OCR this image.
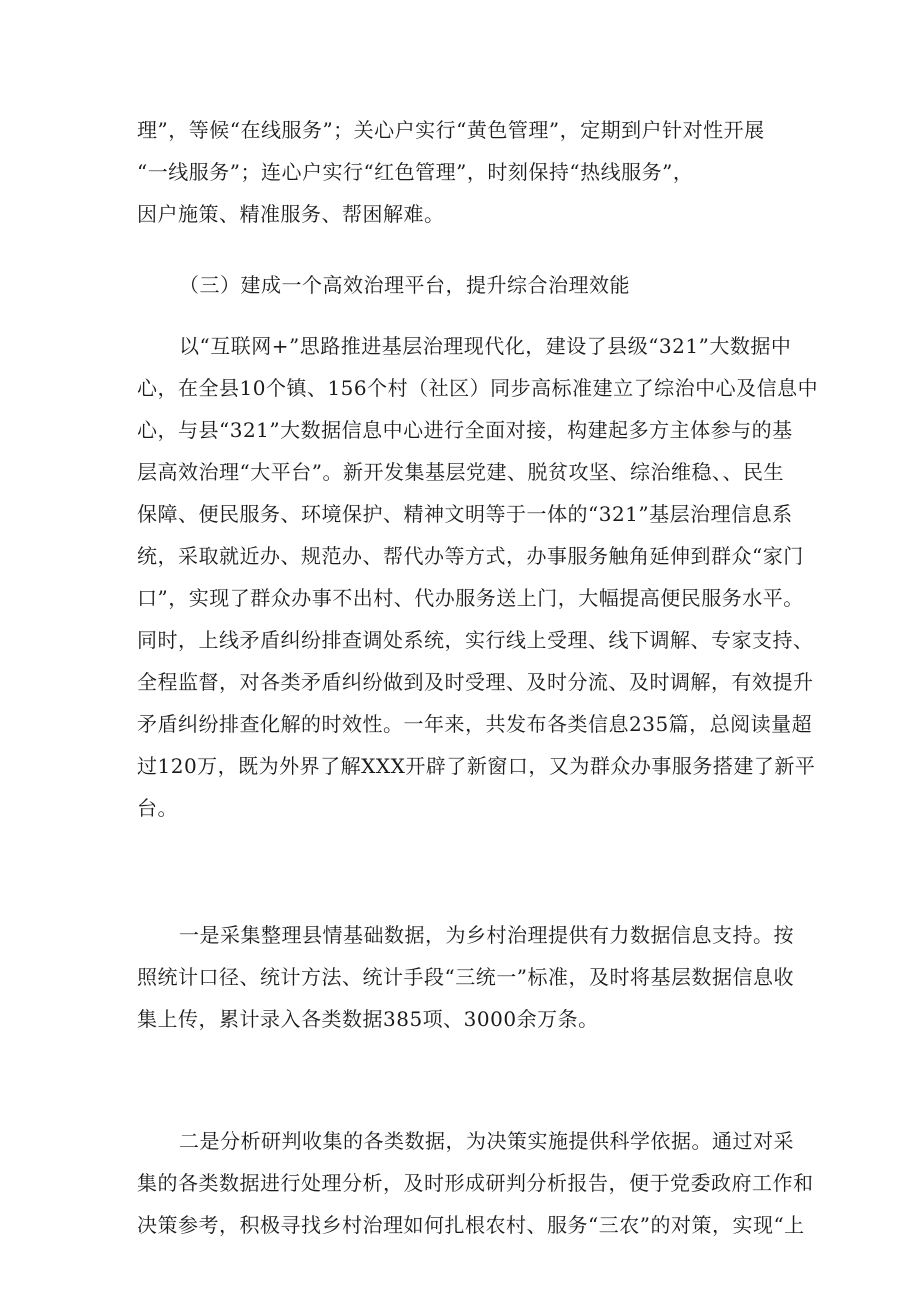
理”，等候“在线服务”；关心户实行“黄色管理”，定期到户针对性开展
“一线服务”；连心户实行“红色管理”，时刻保持“热线服务”，
因户施策、精准服务、帮困解难。
（三）建成一个高效治理平台，提升综合治理效能
以“互联网+”思路推进基层治理现代化，建设了县级“321”大数据中
心，在全县10个镇、156个村（社区）同步高标准建立了综治中心及信息中
心，与县“321”大数据信息中心进行全面对接，构建起多方主体参与的基
层高效治理“大平台”。新开发集基层党建、脱贫攻坚、综治维稳、、民生
保障、便民服务、环境保护、精神文明等于一体的“321”基层治理信息系
统，采取就近办、规范办、帮代办等方式，办事服务触角延伸到群众“家门
口”，实现了群众办事不出村、代办服务送上门，大幅提高便民服务水平。
同时，上线矛盾纠纷排查调处系统，实行线上受理、线下调解、专家支持、
全程监督，对各类矛盾纠纷做到及时受理、及时分流、及时调解，有效提升
矛盾纠纷排查化解的时效性。一年来，共发布各类信息235篇，总阅读量超
过120万，既为外界了解XXX开辟了新窗口，又为群众办事服务搭建了新平
台。
一是采集整理县情基础数据，为乡村治理提供有力数据信息支持。按
照统计口径、统计方法、统计手段“三统一”标准，及时将基层数据信息收
集上传，累计录入各类数据385项、3000余万条。
二是分析研判收集的各类数据，为决策实施提供科学依据。通过对采
集的各类数据进行处理分析，及时形成研判分析报告，便于党委政府工作和
决策参考，积极寻找乡村治理如何扎根农村、服务“三农”的对策，实现“上
